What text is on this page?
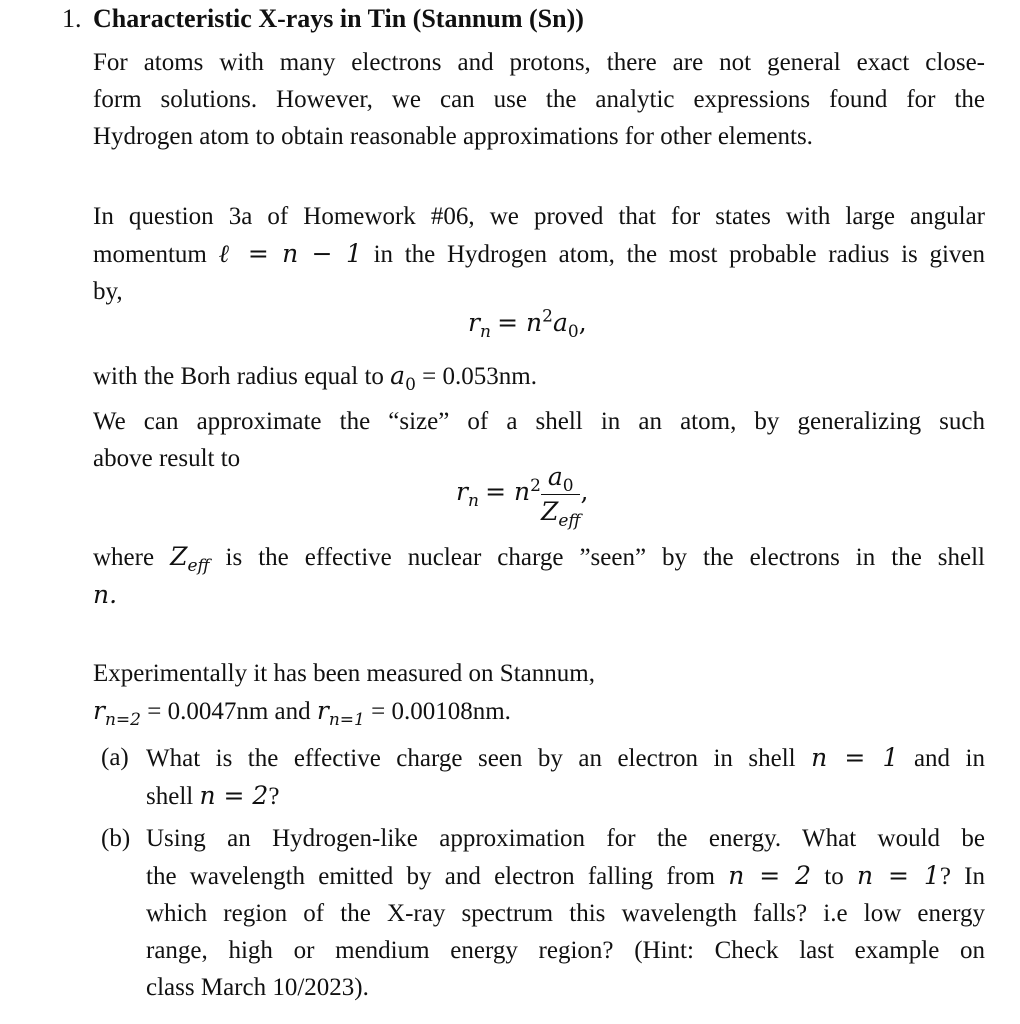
1. Characteristic X-rays in Tin (Stannum (Sn))
For atoms with many electrons and protons, there are not general exact close-
form solutions. However, we can use the analytic expressions found for the
Hydrogen atom to obtain reasonable approximations for other elements.
In question 3a of Homework #06, we proved that for states with large angular
momentum ℓ = n − 1 in the Hydrogen atom, the most probable radius is given
by,
$r_n = n^2a_0$,
with the Borh radius equal to $a_0 = 0.053nm$.
We can approximate the “size” of a shell in an atom, by generalizing such
above result to
$r_n = n^2 \frac{a_0}{Z_{eff}}$ ,
where $Z_{eff}$ is the effective nuclear charge ”seen” by the electrons in the shell
n.
Experimentally it has been measured on Stannum,
$r_{n=2} = 0.0047nm$ and $r_{n=1} = 0.00108nm$.
(a) What is the effective charge seen by an electron in shell n = 1 and in
shell n = 2?
(b) Using an Hydrogen-like approximation for the energy. What would be
the wavelength emitted by and electron falling from n = 2 to n = 1? In
which region of the X-ray spectrum this wavelength falls? i.e low energy
range, high or mendium energy region? (Hint: Check last example on
class March 10/2023).
